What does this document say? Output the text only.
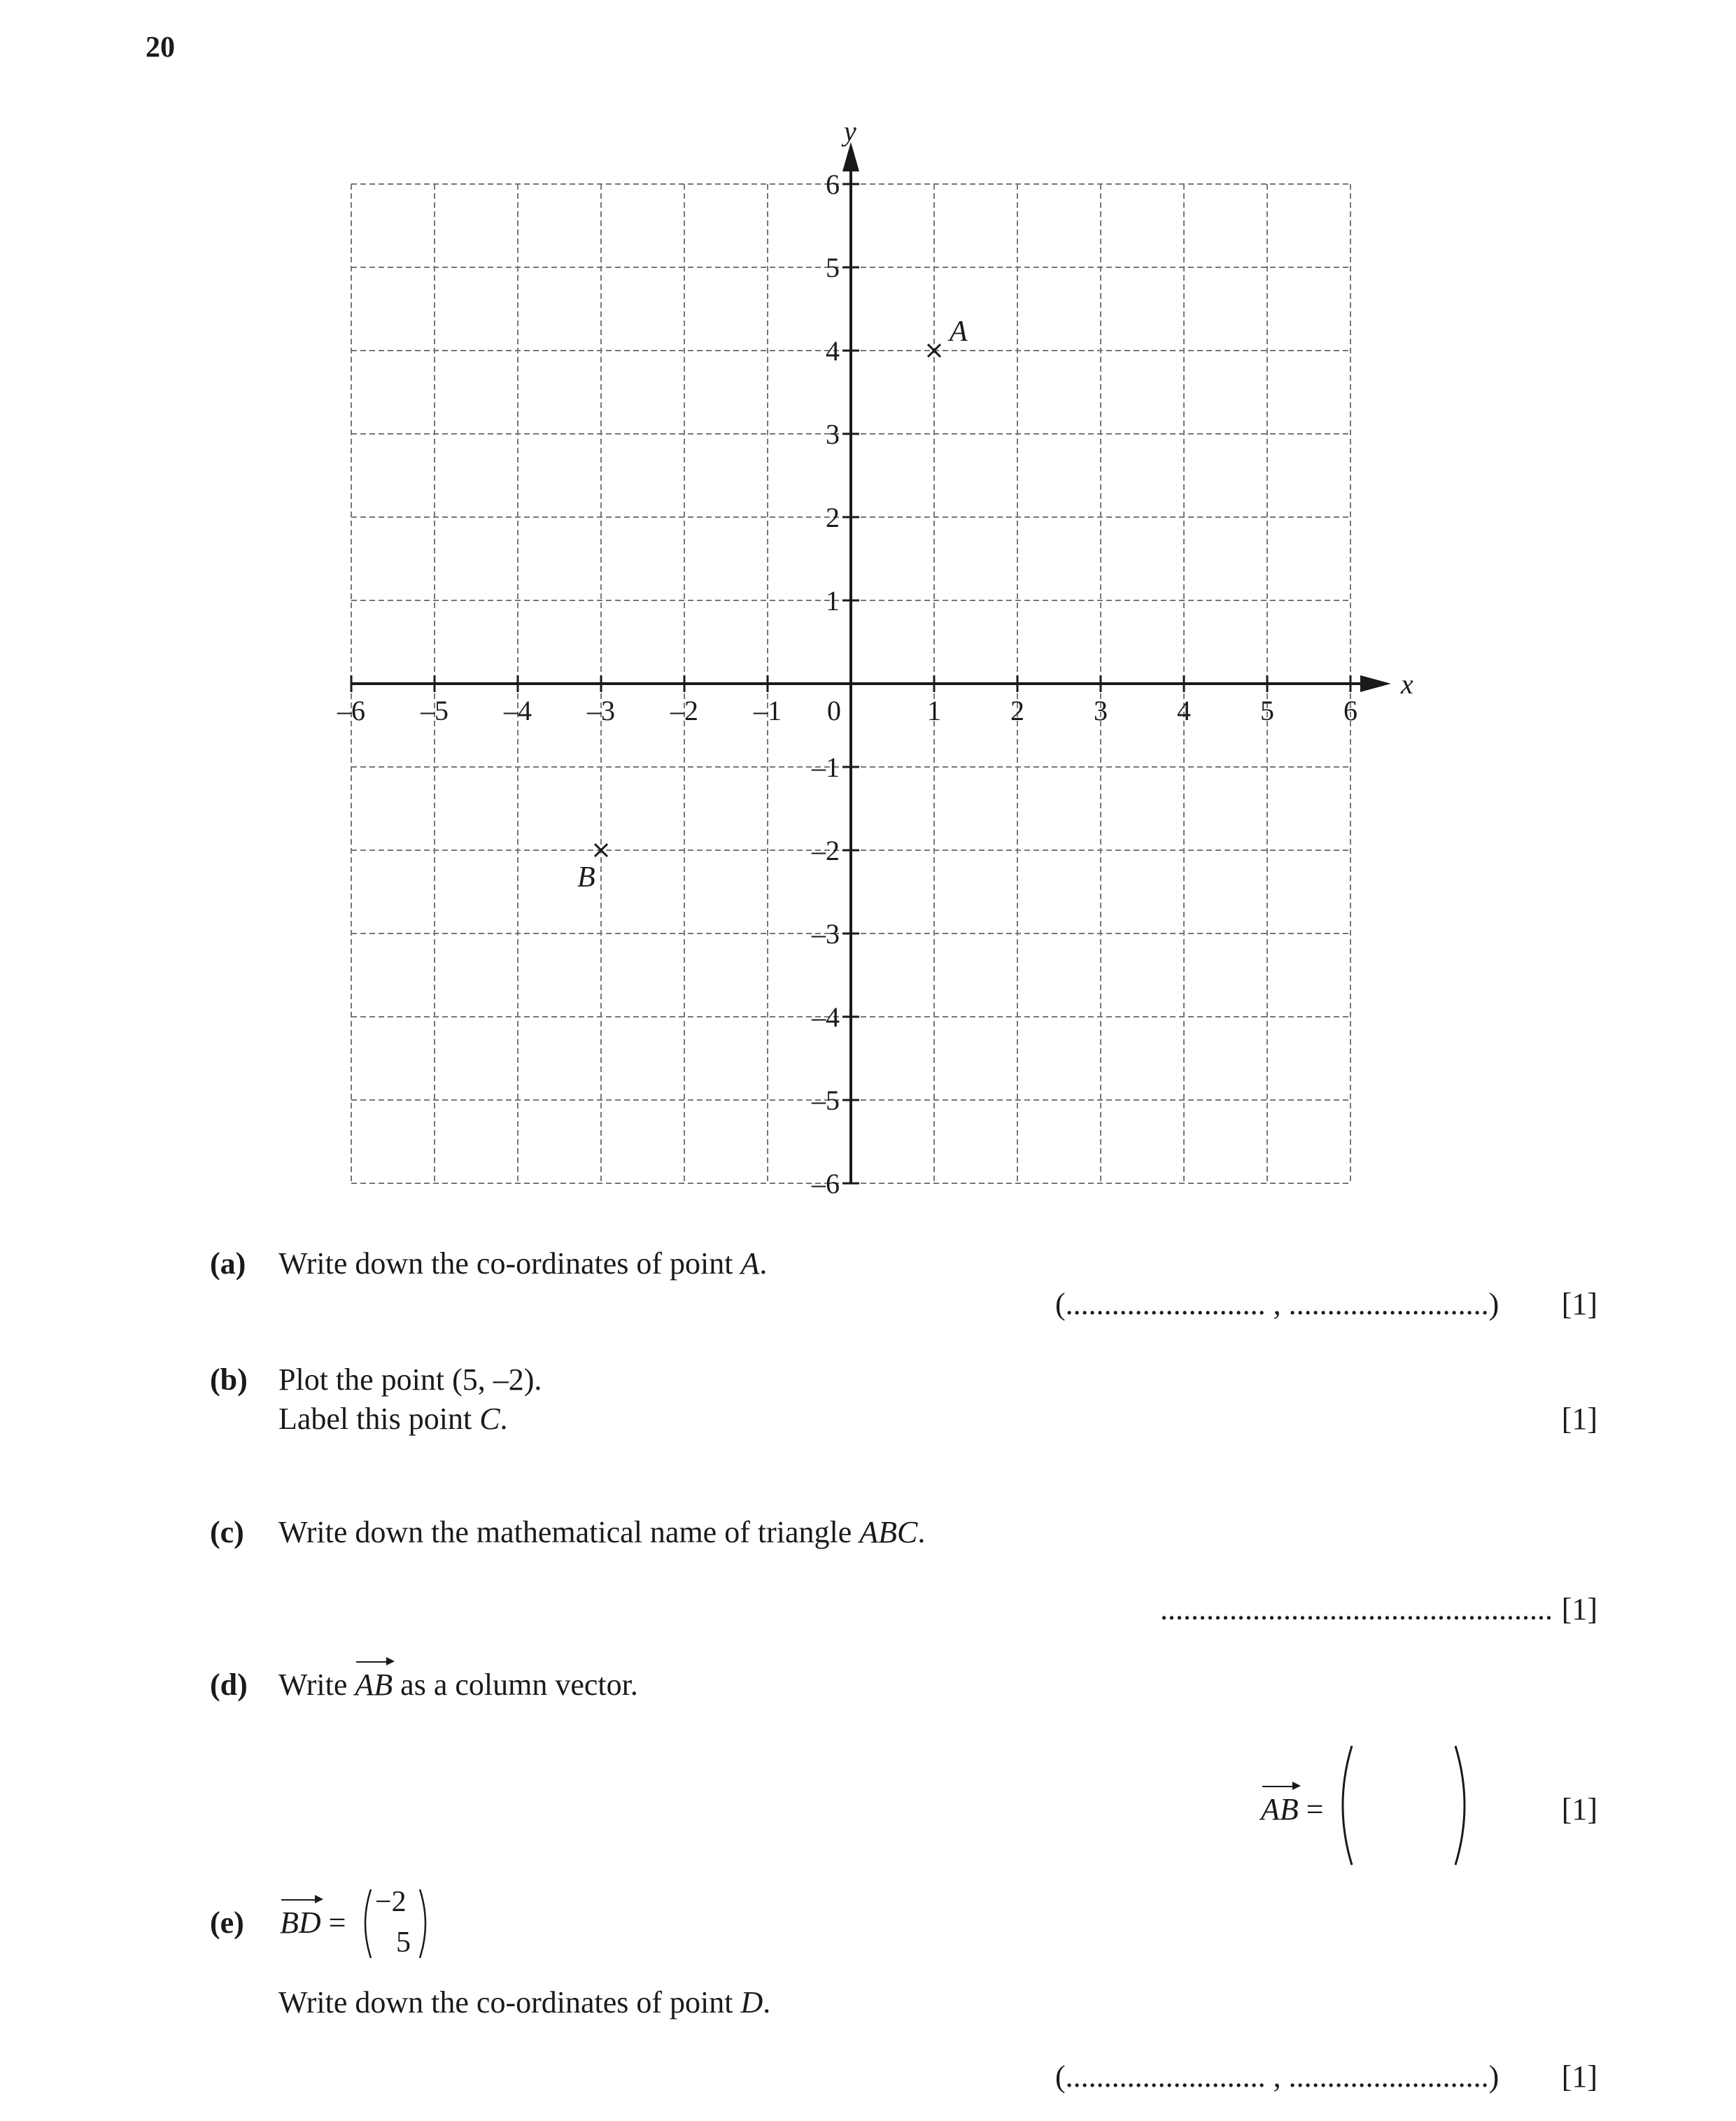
20
x
y
–6 –5 –4 –3 –2 –1	1 2 3 4 5 6
0
1
–1
2
–2
3
–3
4
–4
5
–5
6
–6
A
B
(a) Write down the co-ordinates of point A.
(.......................... , ..........................) [1]
(b) Plot the point (5, –2).
Label this point C.	[1]
(c) Write down the mathematical name of triangle ABC.
................................................... [1]
(d) Write AB as a column vector.
AB =	[1]
(e) BD =
−2
5
Write down the co-ordinates of point D.
(.......................... , ..........................) [1]
